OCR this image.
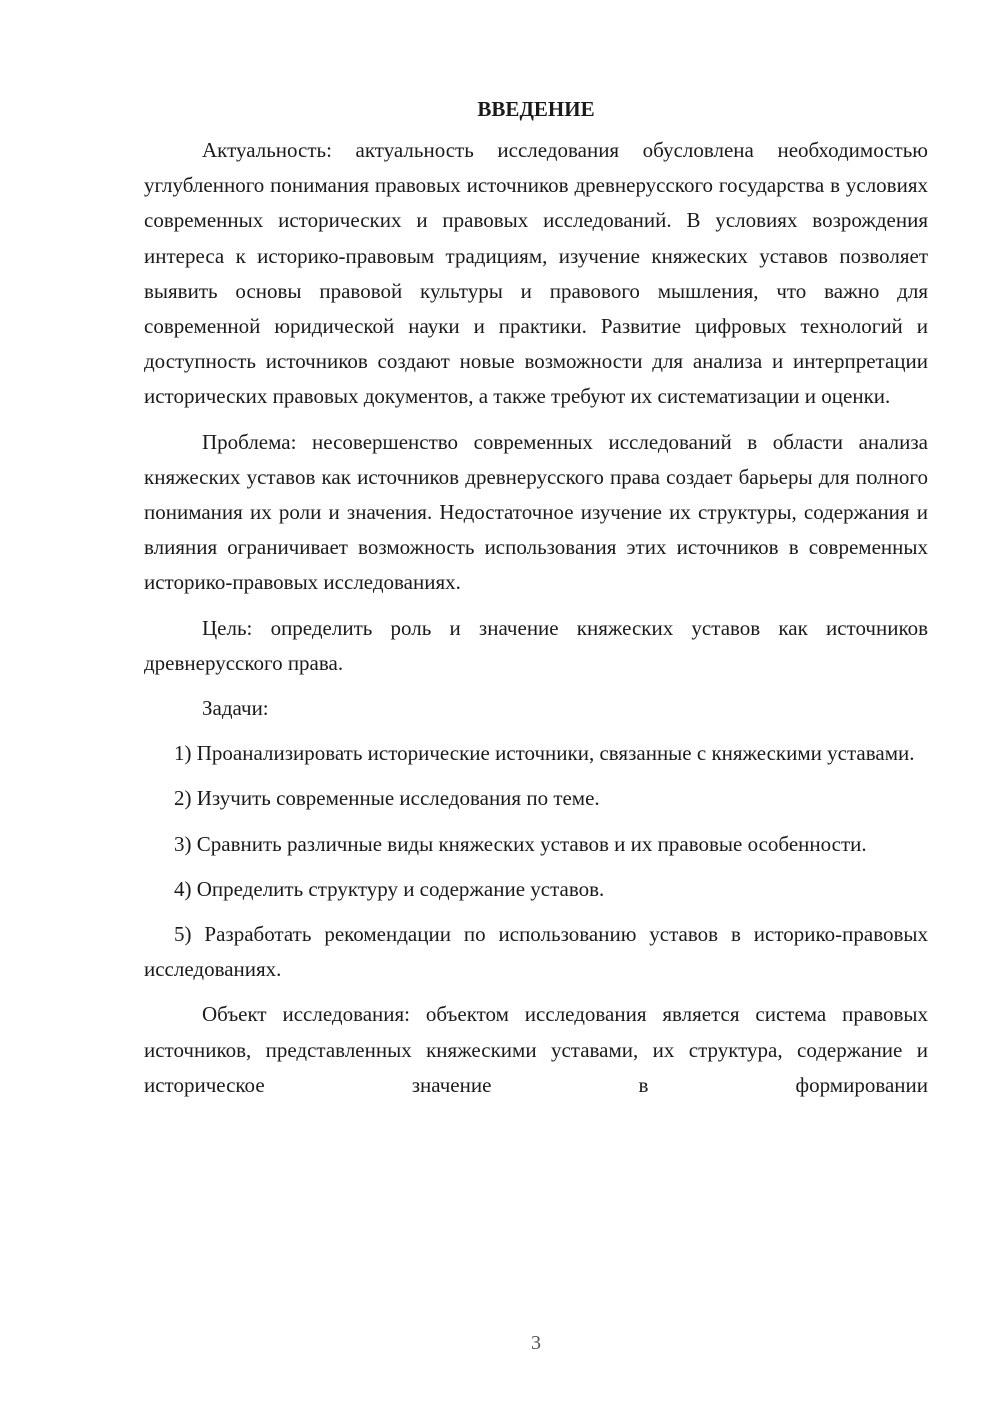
ВВЕДЕНИЕ

Актуальность: актуальность исследования обусловлена необходимостью углубленного понимания правовых источников древнерусского государства в условиях современных исторических и правовых исследований. В условиях возрождения интереса к историко-правовым традициям, изучение княжеских уставов позволяет выявить основы правовой культуры и правового мышления, что важно для современной юридической науки и практики. Развитие цифровых технологий и доступность источников создают новые возможности для анализа и интерпретации исторических правовых документов, а также требуют их систематизации и оценки.

Проблема: несовершенство современных исследований в области анализа княжеских уставов как источников древнерусского права создает барьеры для полного понимания их роли и значения. Недостаточное изучение их структуры, содержания и влияния ограничивает возможность использования этих источников в современных историко-правовых исследованиях.

Цель: определить роль и значение княжеских уставов как источников древнерусского права.

Задачи:

1) Проанализировать исторические источники, связанные с княжескими уставами.

2) Изучить современные исследования по теме.

3) Сравнить различные виды княжеских уставов и их правовые особенности.

4) Определить структуру и содержание уставов.

5) Разработать рекомендации по использованию уставов в историко-правовых исследованиях.

Объект исследования: объектом исследования является система правовых источников, представленных княжескими уставами, их структура, содержание и историческое значение в формировании

3
